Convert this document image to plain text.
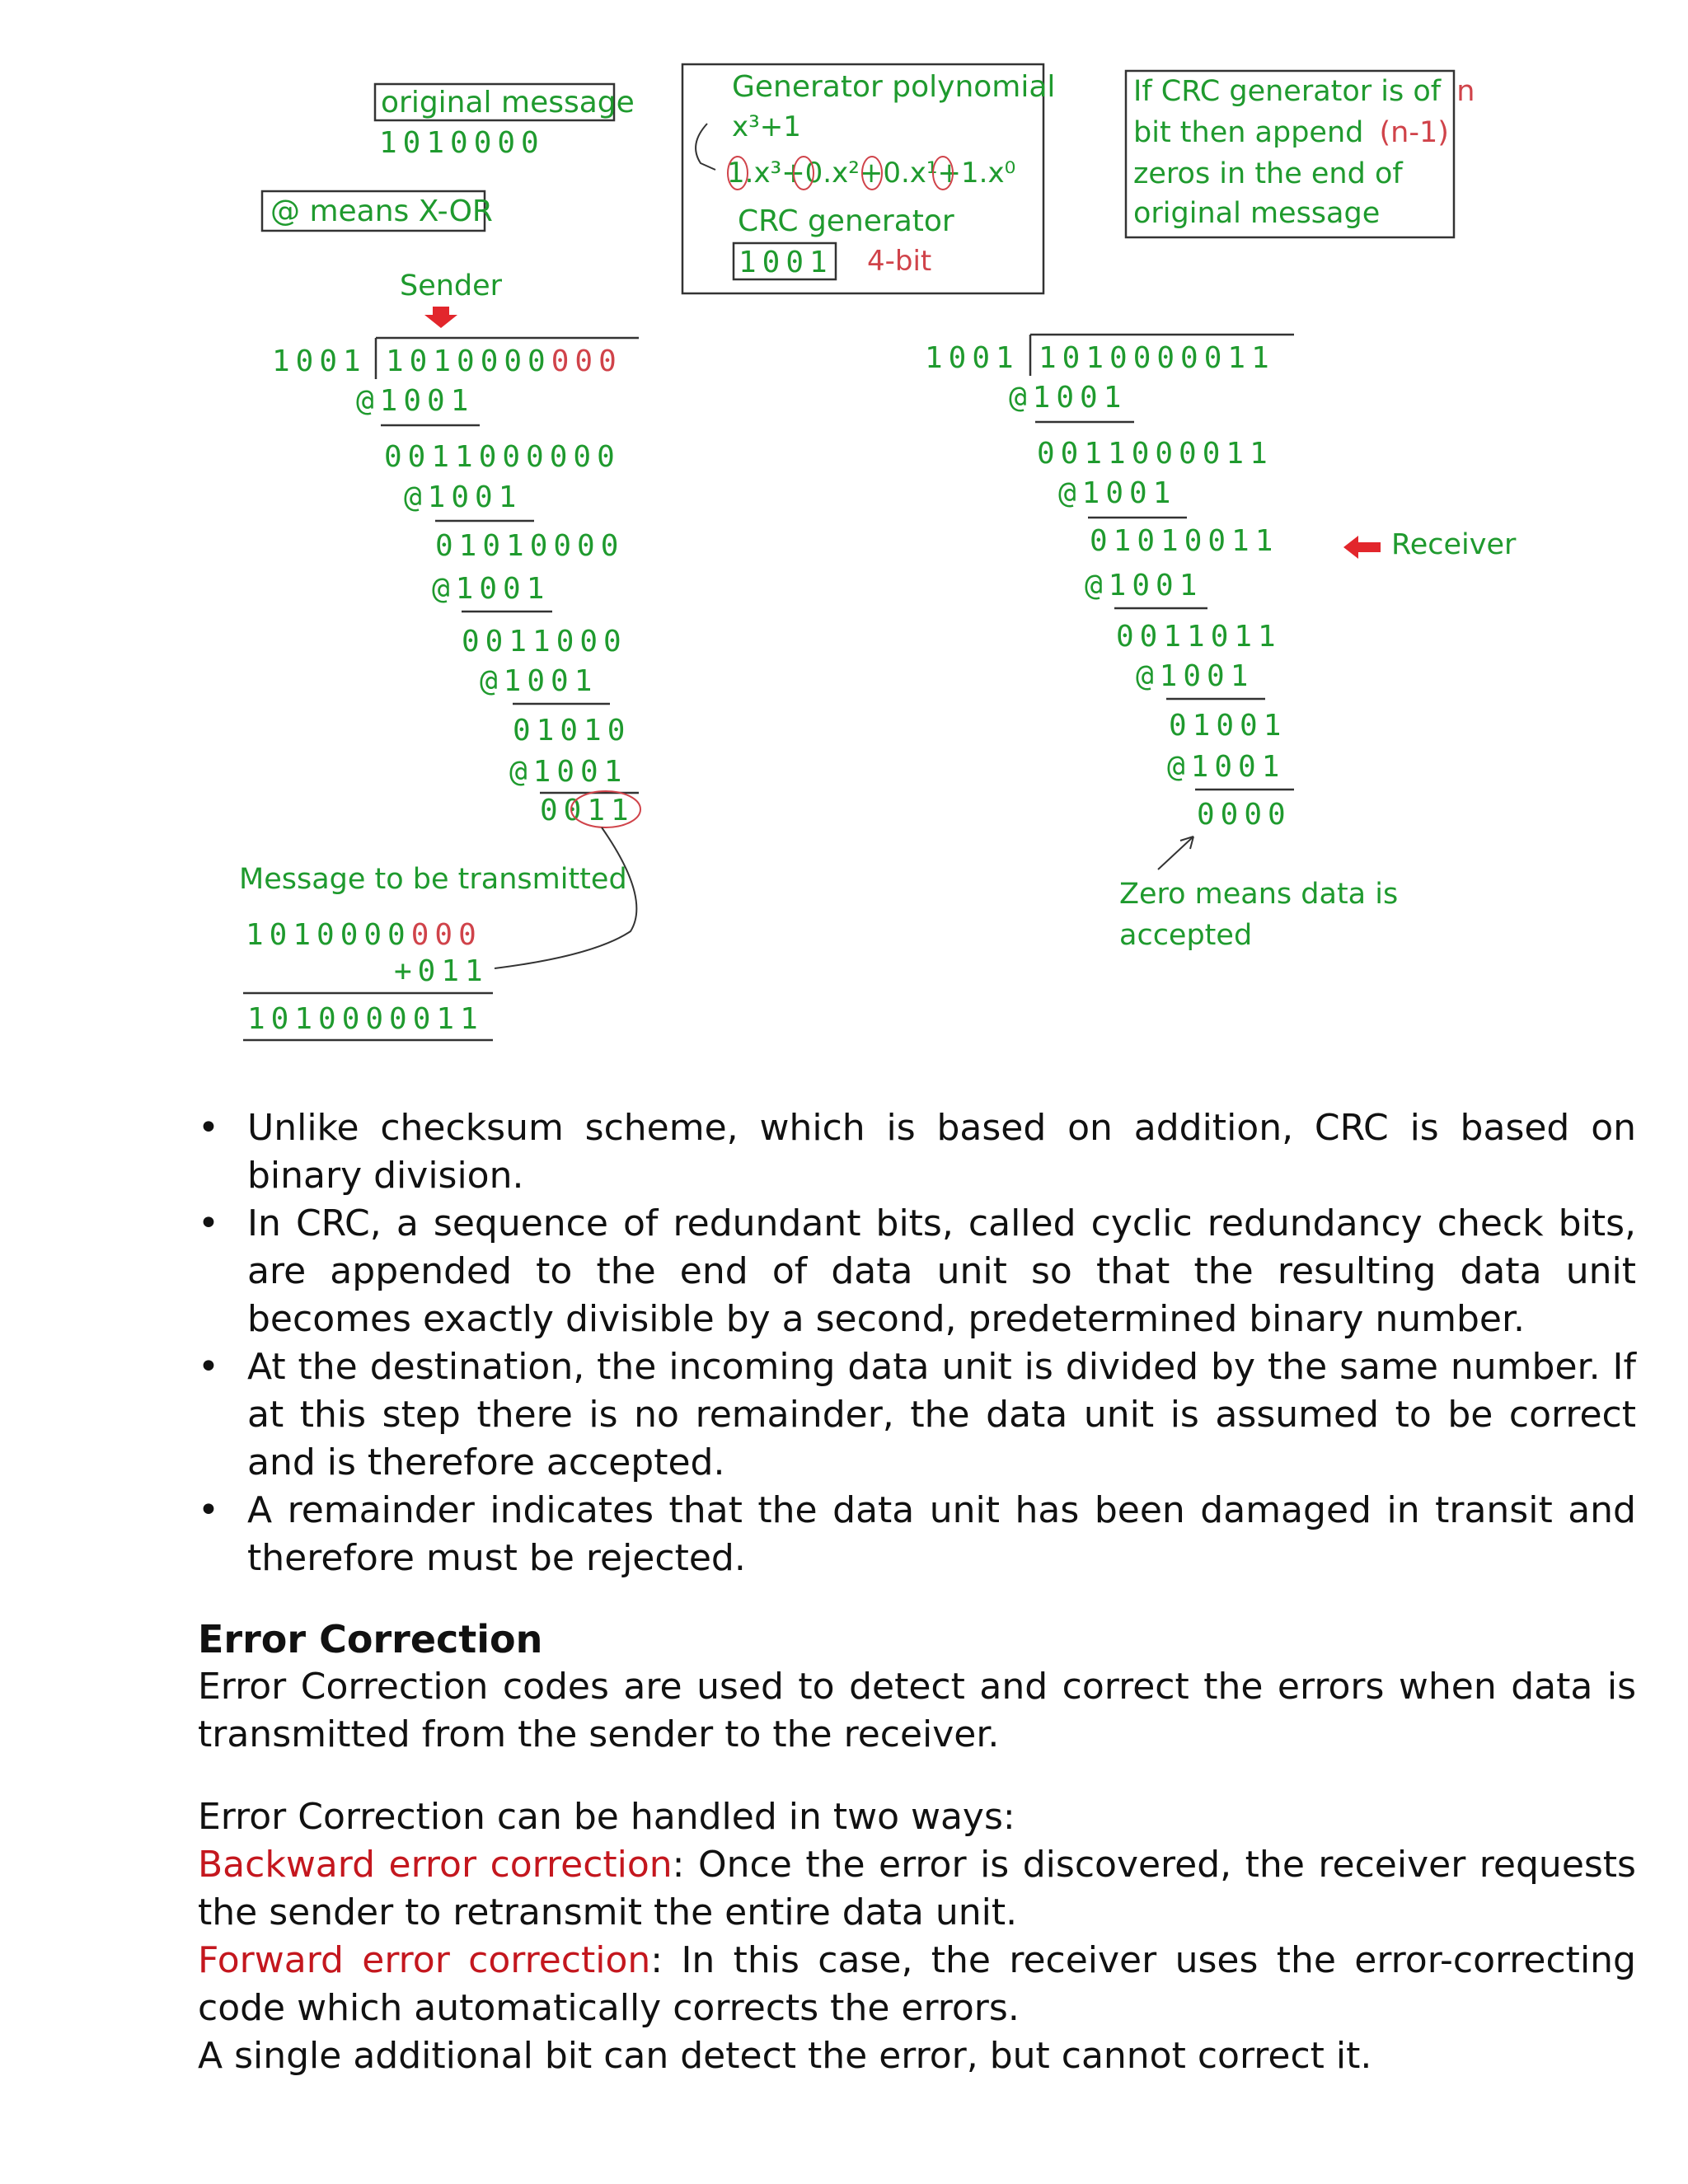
original message
1010000
@ means X-OR
Generator polynomial
x³+1
1.x³+0.x²+0.x¹+1.x⁰
CRC generator
1001 4-bit
If CRC generator is of n
bit then append (n-1)
zeros in the end of
original message
Sender
1001 1010000000
@1001
0011000000
@1001
01010000
@1001
0011000
@1001
01010
@1001
0011
Message to be transmitted
1010000000
+011
1010000011
1001 1010000011
@1001
0011000011
@1001
01010011
@1001
0011011
@1001
01001
@1001
0000
Zero means data is
accepted
Receiver
• Unlike checksum scheme, which is based on addition, CRC is based on binary division.
• In CRC, a sequence of redundant bits, called cyclic redundancy check bits, are appended to the end of data unit so that the resulting data unit becomes exactly divisible by a second, predetermined binary number.
• At the destination, the incoming data unit is divided by the same number. If at this step there is no remainder, the data unit is assumed to be correct and is therefore accepted.
• A remainder indicates that the data unit has been damaged in transit and therefore must be rejected.

Error Correction

Error Correction codes are used to detect and correct the errors when data is transmitted from the sender to the receiver.

Error Correction can be handled in two ways:

Backward error correction: Once the error is discovered, the receiver requests the sender to retransmit the entire data unit.

Forward error correction: In this case, the receiver uses the error-correcting code which automatically corrects the errors.

A single additional bit can detect the error, but cannot correct it.
